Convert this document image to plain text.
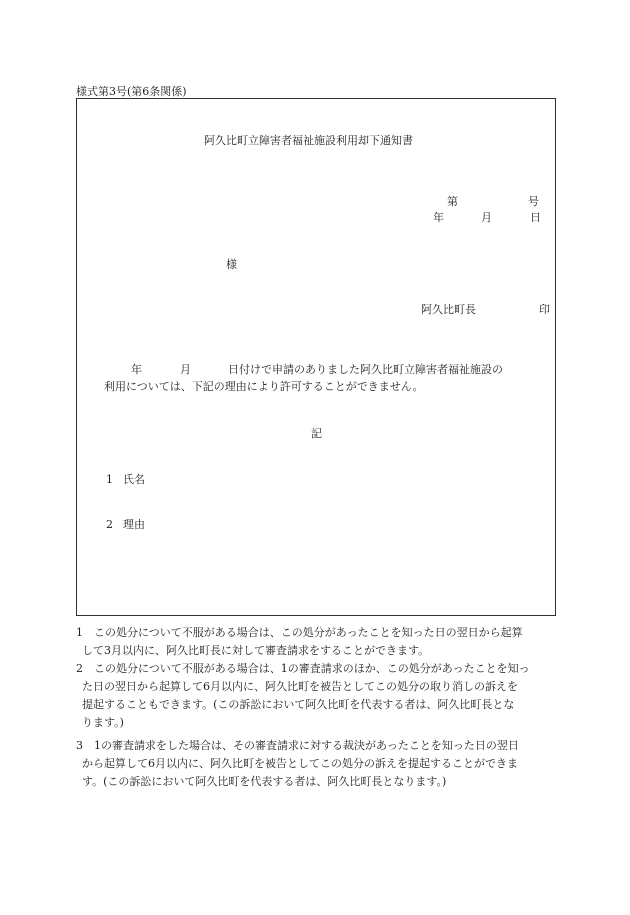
様式第3号(第6条関係)
阿久比町立障害者福祉施設利用却下通知書
第	号
年	月	日
様
阿久比町長	印
年	月	日付けで申請のありました阿久比町立障害者福祉施設の
利用については、下記の理由により許可することができません。
記
1 氏名
2 理由
1 この処分について不服がある場合は、この処分があったことを知った日の翌日から起算
して3月以内に、阿久比町長に対して審査請求をすることができます。
2 この処分について不服がある場合は、1の審査請求のほか、この処分があったことを知っ
た日の翌日から起算して6月以内に、阿久比町を被告としてこの処分の取り消しの訴えを
提起することもできます。(この訴訟において阿久比町を代表する者は、阿久比町長とな
ります。)
3 1の審査請求をした場合は、その審査請求に対する裁決があったことを知った日の翌日
から起算して6月以内に、阿久比町を被告としてこの処分の訴えを提起することができま
す。(この訴訟において阿久比町を代表する者は、阿久比町長となります。)
